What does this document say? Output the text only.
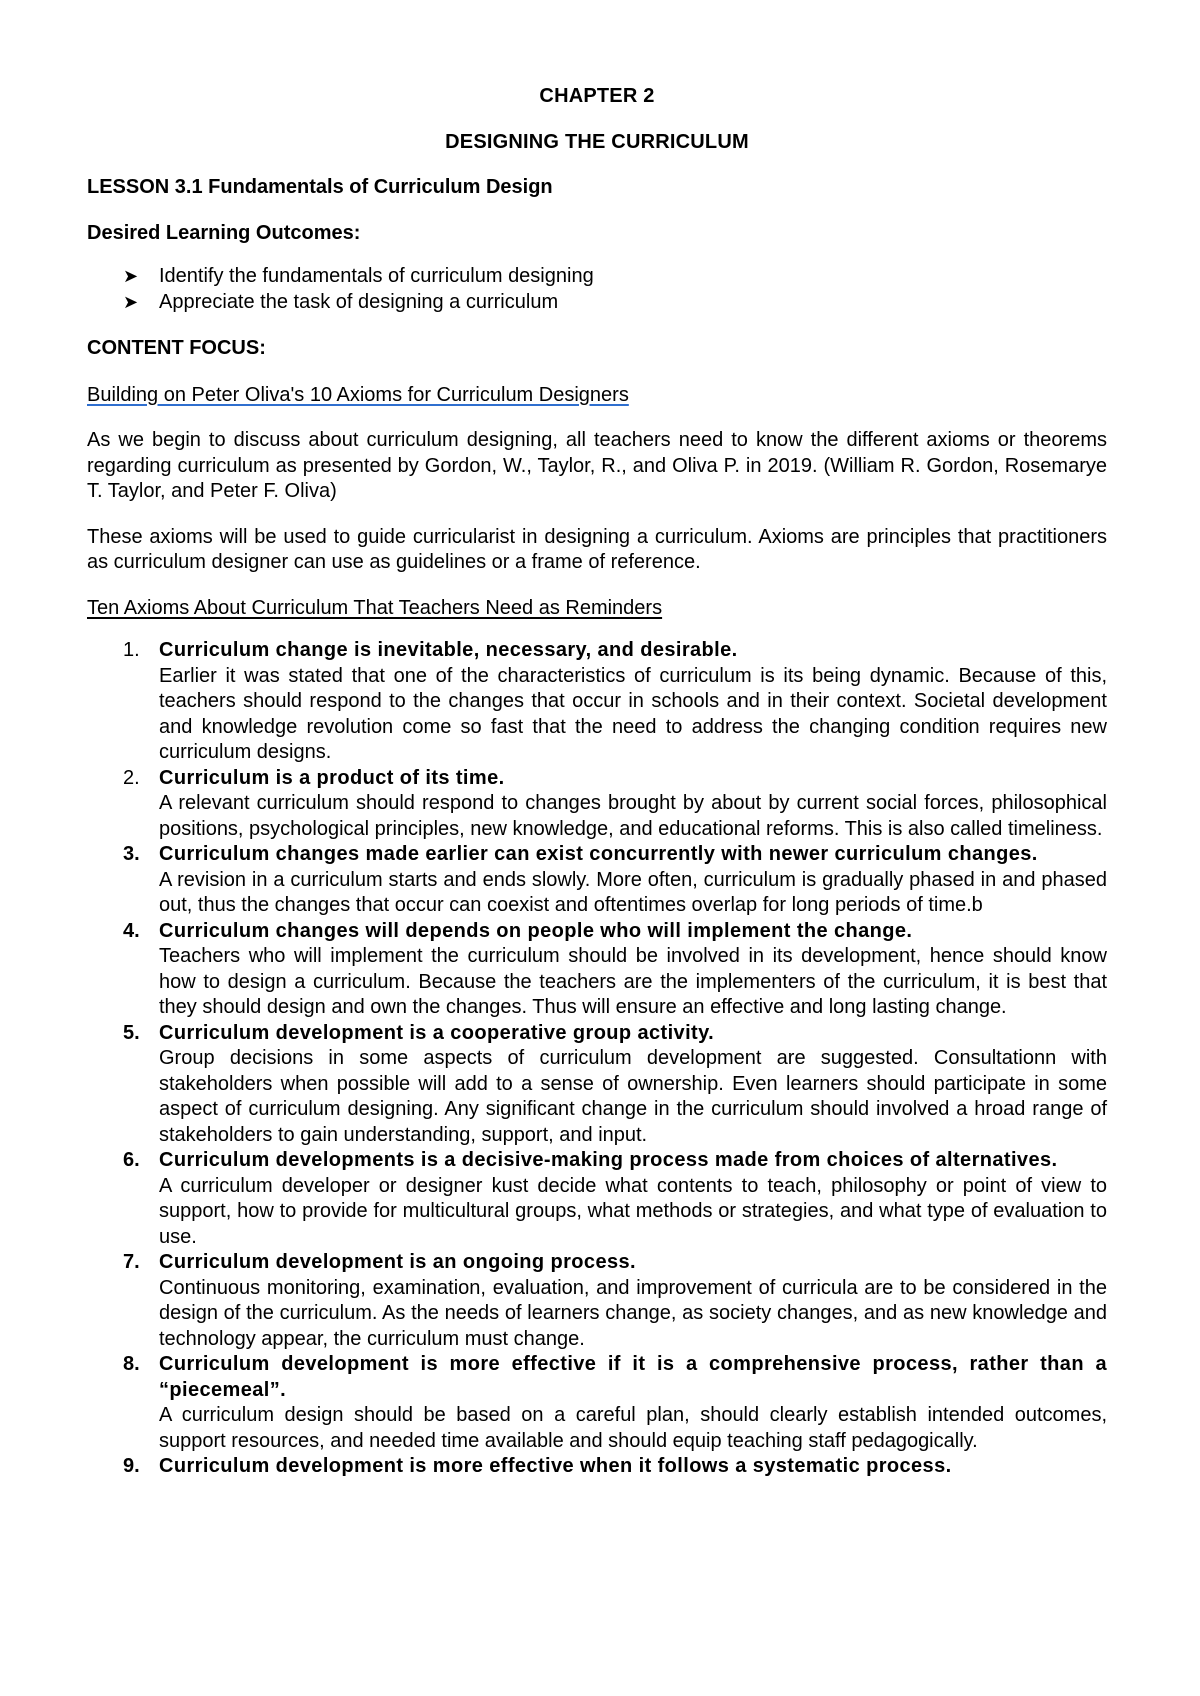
CHAPTER 2

DESIGNING THE CURRICULUM

LESSON 3.1 Fundamentals of Curriculum Design

Desired Learning Outcomes:

➤ Identify the fundamentals of curriculum designing
➤ Appreciate the task of designing a curriculum

CONTENT FOCUS:

Building on Peter Oliva's 10 Axioms for Curriculum Designers

As we begin to discuss about curriculum designing, all teachers need to know the different axioms or theorems regarding curriculum as presented by Gordon, W., Taylor, R., and Oliva P. in 2019. (William R. Gordon, Rosemarye T. Taylor, and Peter F. Oliva)

These axioms will be used to guide curricularist in designing a curriculum. Axioms are principles that practitioners as curriculum designer can use as guidelines or a frame of reference.

Ten Axioms About Curriculum That Teachers Need as Reminders

1. Curriculum change is inevitable, necessary, and desirable.
Earlier it was stated that one of the characteristics of curriculum is its being dynamic. Because of this, teachers should respond to the changes that occur in schools and in their context. Societal development and knowledge revolution come so fast that the need to address the changing condition requires new curriculum designs.
2. Curriculum is a product of its time.
A relevant curriculum should respond to changes brought by about by current social forces, philosophical positions, psychological principles, new knowledge, and educational reforms. This is also called timeliness.
3. Curriculum changes made earlier can exist concurrently with newer curriculum changes.
A revision in a curriculum starts and ends slowly. More often, curriculum is gradually phased in and phased out, thus the changes that occur can coexist and oftentimes overlap for long periods of time.b
4. Curriculum changes will depends on people who will implement the change.
Teachers who will implement the curriculum should be involved in its development, hence should know how to design a curriculum. Because the teachers are the implementers of the curriculum, it is best that they should design and own the changes. Thus will ensure an effective and long lasting change.
5. Curriculum development is a cooperative group activity.
Group decisions in some aspects of curriculum development are suggested. Consultationn with stakeholders when possible will add to a sense of ownership. Even learners should participate in some aspect of curriculum designing. Any significant change in the curriculum should involved a hroad range of stakeholders to gain understanding, support, and input.
6. Curriculum developments is a decisive-making process made from choices of alternatives.
A curriculum developer or designer kust decide what contents to teach, philosophy or point of view to support, how to provide for multicultural groups, what methods or strategies, and what type of evaluation to use.
7. Curriculum development is an ongoing process.
Continuous monitoring, examination, evaluation, and improvement of curricula are to be considered in the design of the curriculum. As the needs of learners change, as society changes, and as new knowledge and technology appear, the curriculum must change.
8. Curriculum development is more effective if it is a comprehensive process, rather than a “piecemeal”.
A curriculum design should be based on a careful plan, should clearly establish intended outcomes, support resources, and needed time available and should equip teaching staff pedagogically.
9. Curriculum development is more effective when it follows a systematic process.
